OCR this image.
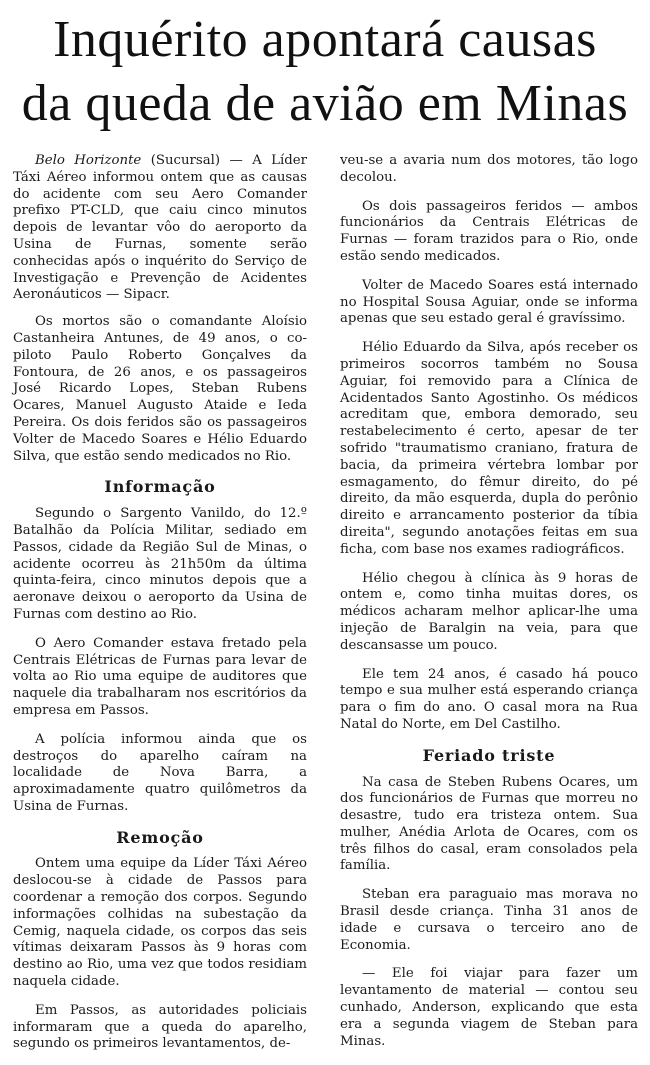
Inquérito apontará causas
da queda de avião em Minas

Belo Horizonte (Sucursal) — A Líder Táxi Aéreo informou ontem que as causas do acidente com seu Aero Comander prefixo PT-CLD, que caiu cinco minutos depois de levantar vôo do aeroporto da Usina de Furnas, somente serão conhecidas após o inquérito do Serviço de Investigação e Prevenção de Acidentes Aeronáuticos — Sipacr.

Os mortos são o comandante Aloísio Castanheira Antunes, de 49 anos, o co-piloto Paulo Roberto Gonçalves da Fontoura, de 26 anos, e os passageiros José Ricardo Lopes, Steban Rubens Ocares, Manuel Augusto Ataide e Ieda Pereira. Os dois feridos são os passageiros Volter de Macedo Soares e Hélio Eduardo Silva, que estão sendo medicados no Rio.

Informação

Segundo o Sargento Vanildo, do 12.º Batalhão da Polícia Militar, sediado em Passos, cidade da Região Sul de Minas, o acidente ocorreu às 21h50m da última quinta-feira, cinco minutos depois que a aeronave deixou o aeroporto da Usina de Furnas com destino ao Rio.

O Aero Comander estava fretado pela Centrais Elétricas de Furnas para levar de volta ao Rio uma equipe de auditores que naquele dia trabalharam nos escritórios da empresa em Passos.

A polícia informou ainda que os destroços do aparelho caíram na localidade de Nova Barra, a aproximadamente quatro quilômetros da Usina de Furnas.

Remoção

Ontem uma equipe da Líder Táxi Aéreo deslocou-se à cidade de Passos para coordenar a remoção dos corpos. Segundo informações colhidas na subestação da Cemig, naquela cidade, os corpos das seis vítimas deixaram Passos às 9 horas com destino ao Rio, uma vez que todos residiam naquela cidade.

Em Passos, as autoridades policiais informaram que a queda do aparelho, segundo os primeiros levantamentos, de-

veu-se a avaria num dos motores, tão logo decolou.

Os dois passageiros feridos — ambos funcionários da Centrais Elétricas de Furnas — foram trazidos para o Rio, onde estão sendo medicados.

Volter de Macedo Soares está internado no Hospital Sousa Aguiar, onde se informa apenas que seu estado geral é gravíssimo.

Hélio Eduardo da Silva, após receber os primeiros socorros também no Sousa Aguiar, foi removido para a Clínica de Acidentados Santo Agostinho. Os médicos acreditam que, embora demorado, seu restabelecimento é certo, apesar de ter sofrido "traumatismo craniano, fratura de bacia, da primeira vértebra lombar por esmagamento, do fêmur direito, do pé direito, da mão esquerda, dupla do perônio direito e arrancamento posterior da tíbia direita", segundo anotações feitas em sua ficha, com base nos exames radiográficos.

Hélio chegou à clínica às 9 horas de ontem e, como tinha muitas dores, os médicos acharam melhor aplicar-lhe uma injeção de Baralgin na veia, para que descansasse um pouco.

Ele tem 24 anos, é casado há pouco tempo e sua mulher está esperando criança para o fim do ano. O casal mora na Rua Natal do Norte, em Del Castilho.

Feriado triste

Na casa de Steben Rubens Ocares, um dos funcionários de Furnas que morreu no desastre, tudo era tristeza ontem. Sua mulher, Anédia Arlota de Ocares, com os três filhos do casal, eram consolados pela família.

Steban era paraguaio mas morava no Brasil desde criança. Tinha 31 anos de idade e cursava o terceiro ano de Economia.

— Ele foi viajar para fazer um levantamento de material — contou seu cunhado, Anderson, explicando que esta era a segunda viagem de Steban para Minas.
